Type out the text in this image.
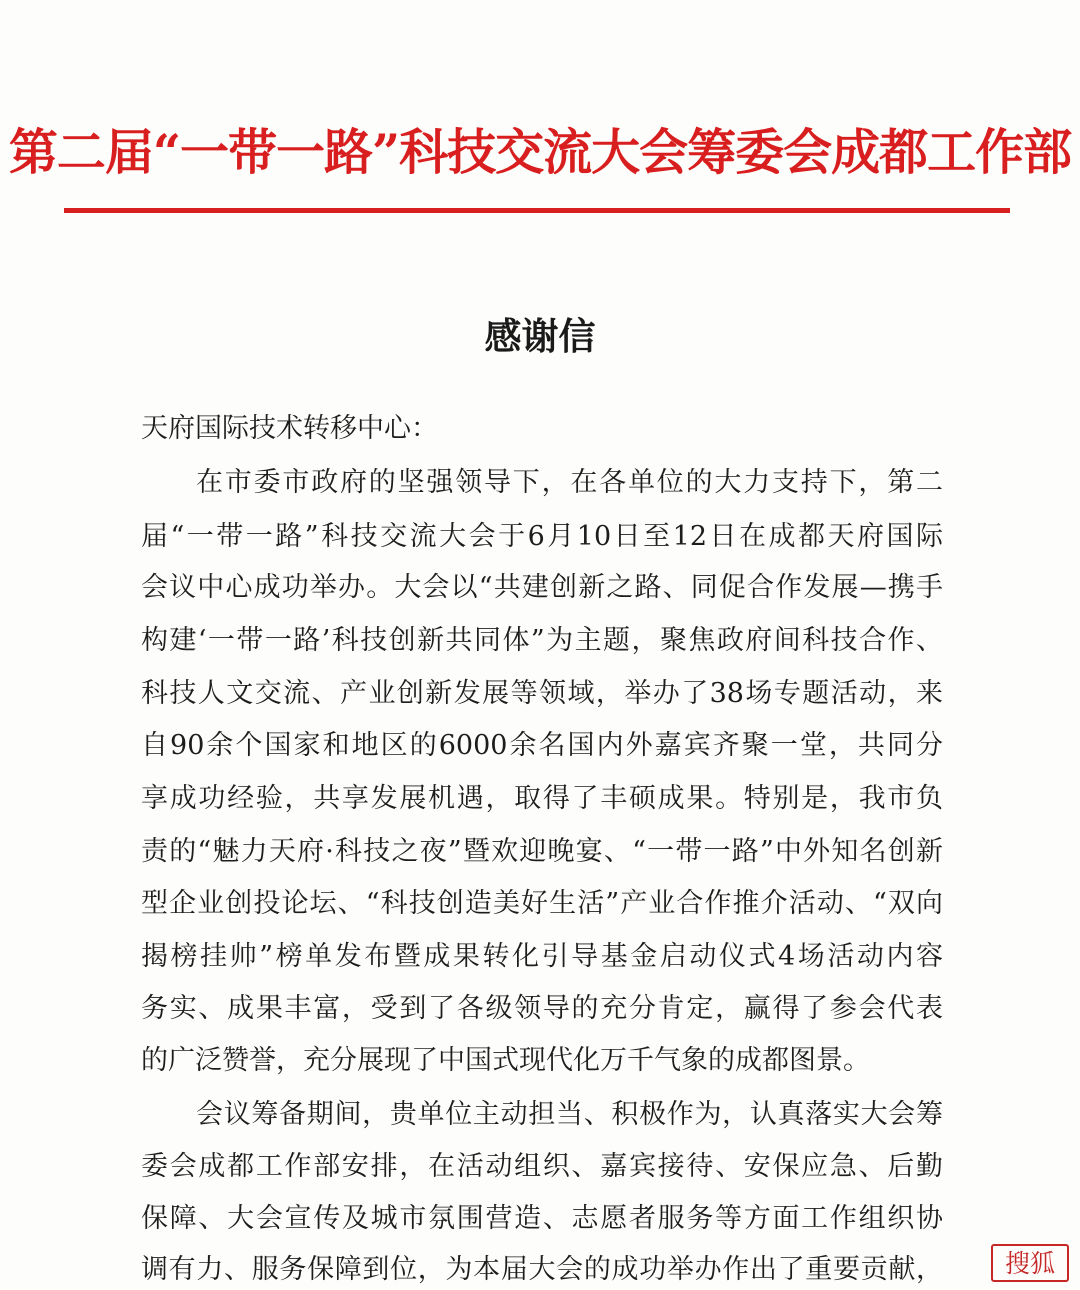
第二届“一带一路”科技交流大会筹委会成都工作部
感谢信
天府国际技术转移中心：
在市委市政府的坚强领导下，在各单位的大力支持下，第二
届“一带一路”科技交流大会于6月10日至12日在成都天府国际
会议中心成功举办。大会以“共建创新之路、同促合作发展—携手
构建‘一带一路’科技创新共同体”为主题，聚焦政府间科技合作、
科技人文交流、产业创新发展等领域，举办了38场专题活动，来
自90余个国家和地区的6000余名国内外嘉宾齐聚一堂，共同分
享成功经验，共享发展机遇，取得了丰硕成果。特别是，我市负
责的“魅力天府·科技之夜”暨欢迎晚宴、“一带一路”中外知名创新
型企业创投论坛、“科技创造美好生活”产业合作推介活动、“双向
揭榜挂帅”榜单发布暨成果转化引导基金启动仪式4场活动内容
务实、成果丰富，受到了各级领导的充分肯定，赢得了参会代表
的广泛赞誉，充分展现了中国式现代化万千气象的成都图景。
会议筹备期间，贵单位主动担当、积极作为，认真落实大会筹
委会成都工作部安排，在活动组织、嘉宾接待、安保应急、后勤
保障、大会宣传及城市氛围营造、志愿者服务等方面工作组织协
调有力、服务保障到位，为本届大会的成功举办作出了重要贡献，	搜狐
